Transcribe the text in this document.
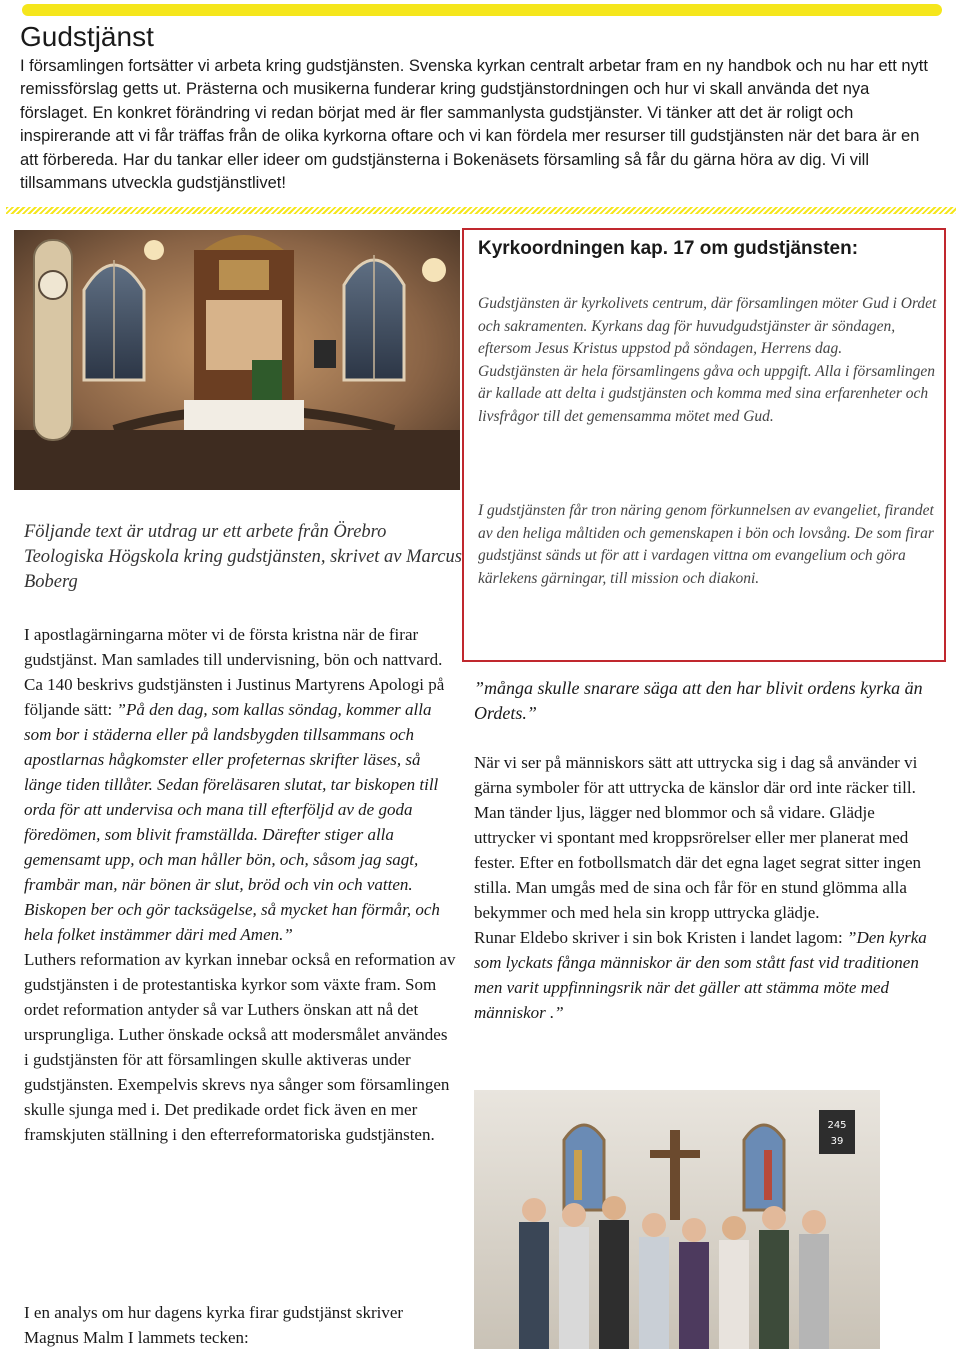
Gudstjänst

I församlingen fortsätter vi arbeta kring gudstjänsten. Svenska kyrkan centralt arbetar fram en ny handbok och nu har ett nytt remissförslag getts ut. Prästerna och musikerna funderar kring gudstjänstordningen och hur vi skall använda det nya förslaget. En konkret förändring vi redan börjat med är fler sammanlysta gudstjänster. Vi tänker att det är roligt och inspirerande att vi får träffas från de olika kyrkorna oftare och vi kan fördela mer resurser till gudstjänsten när det bara är en att förbereda. Har du tankar eller ideer om gudstjänsterna i Bokenäsets församling så får du gärna höra av dig. Vi vill tillsammans utveckla gudstjänstlivet!

Kyrkoordningen kap. 17 om gudstjänsten:

Gudstjänsten är kyrkolivets centrum, där församlingen möter Gud i Ordet och sakramenten. Kyrkans dag för huvudgudstjänster är söndagen, eftersom Jesus Kristus uppstod på söndagen, Herrens dag.

Gudstjänsten är hela församlingens gåva och uppgift. Alla i församlingen är kallade att delta i gudstjänsten och komma med sina erfarenheter och livsfrågor till det gemensamma mötet med Gud.

I gudstjänsten får tron näring genom förkunnelsen av evangeliet, firandet av den heliga måltiden och gemenskapen i bön och lovsång. De som firar gudstjänst sänds ut för att i vardagen vittna om evangelium och göra kärlekens gärningar, till mission och diakoni.

Följande text är utdrag ur ett arbete från Örebro Teologiska Högskola kring gudstjänsten, skrivet av Marcus Boberg

I apostlagärningarna möter vi de första kristna när de firar gudstjänst. Man samlades till undervisning, bön och nattvard. Ca 140 beskrivs gudstjänsten i Justinus Martyrens Apologi på följande sätt: ”På den dag, som kallas söndag, kommer alla som bor i städerna eller på landsbygden tillsammans och apostlarnas hågkomster eller profeternas skrifter läses, så länge tiden tillåter. Sedan föreläsaren slutat, tar biskopen till orda för att undervisa och mana till efterföljd av de goda föredömen, som blivit framställda. Därefter stiger alla gemensamt upp, och man håller bön, och, såsom jag sagt, frambär man, när bönen är slut, bröd och vin och vatten. Biskopen ber och gör tacksägelse, så mycket han förmår, och hela folket instämmer däri med Amen.”
Luthers reformation av kyrkan innebar också en reformation av gudstjänsten i de protestantiska kyrkor som växte fram. Som ordet reformation antyder så var Luthers önskan att nå det ursprungliga. Luther önskade också att modersmålet användes i gudstjänsten för att församlingen skulle aktiveras under gudstjänsten. Exempelvis skrevs nya sånger som församlingen skulle sjunga med i. Det predikade ordet fick även en mer framskjuten ställning i den efterreformatoriska gudstjänsten.

I en analys om hur dagens kyrka firar gudstjänst skriver Magnus Malm I lammets tecken:

”många skulle snarare säga att den har blivit ordens kyrka än Ordets.”

När vi ser på människors sätt att uttrycka sig i dag så använder vi gärna symboler för att uttrycka de känslor där ord inte räcker till. Man tänder ljus, lägger ned blommor och så vidare. Glädje uttrycker vi spontant med kroppsrörelser eller mer planerat med fester. Efter en fotbollsmatch där det egna laget segrat sitter ingen stilla. Man umgås med de sina och får för en stund glömma alla bekymmer och med hela sin kropp uttrycka glädje.
Runar Eldebo skriver i sin bok Kristen i landet lagom: ”Den kyrka som lyckats fånga människor är den som stått fast vid traditionen men varit uppfinningsrik när det gäller att stämma möte med människor .”
245
39
